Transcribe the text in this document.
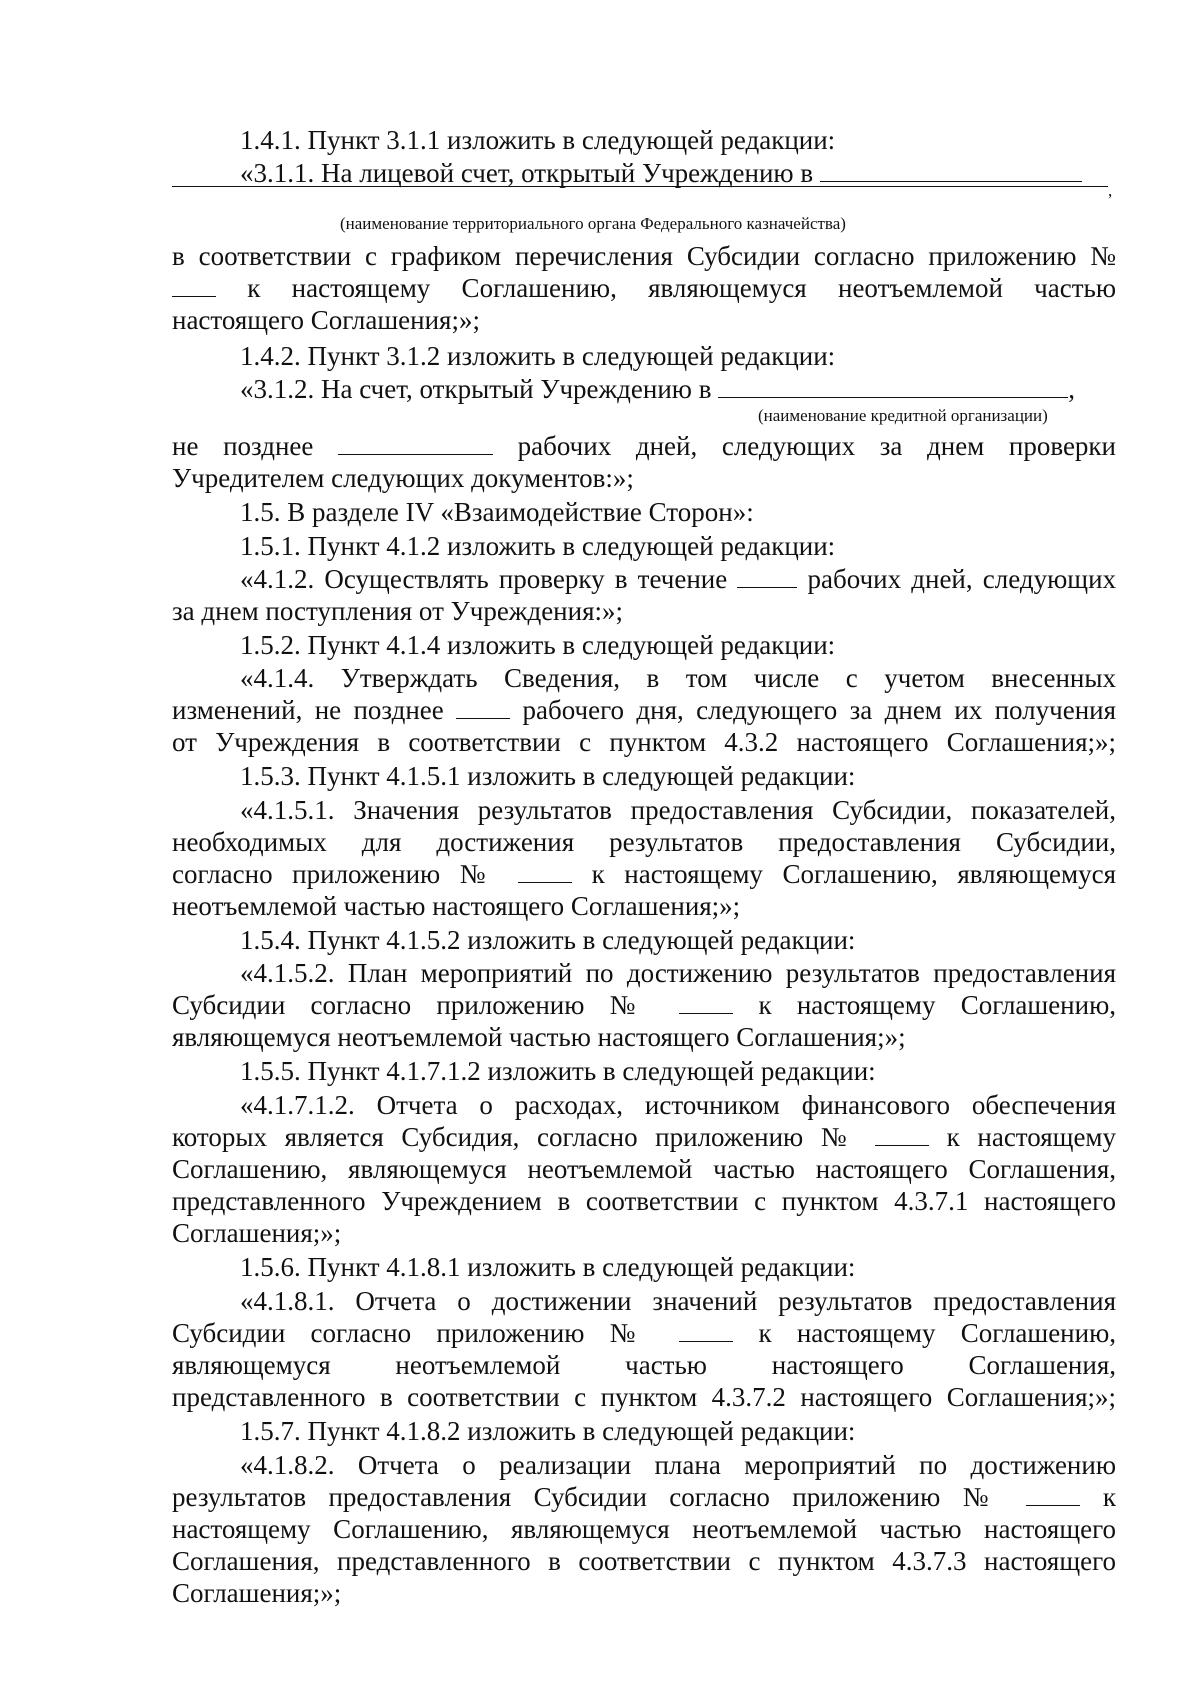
1.4.1. Пункт 3.1.1 изложить в следующей редакции:
«3.1.1. На лицевой счет, открытый Учреждению в
,
(наименование территориального органа Федерального казначейства)
в соответствии с графиком перечисления Субсидии согласно приложению №
к настоящему Соглашению, являющемуся неотъемлемой частью
настоящего Соглашения;»;
1.4.2. Пункт 3.1.2 изложить в следующей редакции:
«3.1.2. На счет, открытый Учреждению в	,
(наименование кредитной организации)
не позднее	рабочих дней, следующих за днем проверки
Учредителем следующих документов:»;
1.5. В разделе IV «Взаимодействие Сторон»:
1.5.1. Пункт 4.1.2 изложить в следующей редакции:
«4.1.2. Осуществлять проверку в течение	рабочих дней, следующих
за днем поступления от Учреждения:»;
1.5.2. Пункт 4.1.4 изложить в следующей редакции:
«4.1.4. Утверждать Сведения, в том числе с учетом внесенных
изменений, не позднее	рабочего дня, следующего за днем их получения
от Учреждения в соответствии с пунктом 4.3.2 настоящего Соглашения;»;
1.5.3. Пункт 4.1.5.1 изложить в следующей редакции:
«4.1.5.1. Значения результатов предоставления Субсидии, показателей,
необходимых для достижения результатов предоставления Субсидии,
согласно приложению №	к настоящему Соглашению, являющемуся
неотъемлемой частью настоящего Соглашения;»;
1.5.4. Пункт 4.1.5.2 изложить в следующей редакции:
«4.1.5.2. План мероприятий по достижению результатов предоставления
Субсидии согласно приложению №	к настоящему Соглашению,
являющемуся неотъемлемой частью настоящего Соглашения;»;
1.5.5. Пункт 4.1.7.1.2 изложить в следующей редакции:
«4.1.7.1.2. Отчета о расходах, источником финансового обеспечения
которых является Субсидия, согласно приложению №	к настоящему
Соглашению, являющемуся неотъемлемой частью настоящего Соглашения,
представленного Учреждением в соответствии с пунктом 4.3.7.1 настоящего
Соглашения;»;
1.5.6. Пункт 4.1.8.1 изложить в следующей редакции:
«4.1.8.1. Отчета о достижении значений результатов предоставления
Субсидии согласно приложению №	к настоящему Соглашению,
являющемуся неотъемлемой частью настоящего Соглашения,
представленного в соответствии с пунктом 4.3.7.2 настоящего Соглашения;»;
1.5.7. Пункт 4.1.8.2 изложить в следующей редакции:
«4.1.8.2. Отчета о реализации плана мероприятий по достижению
результатов предоставления Субсидии согласно приложению №	к
настоящему Соглашению, являющемуся неотъемлемой частью настоящего
Соглашения, представленного в соответствии с пунктом 4.3.7.3 настоящего
Соглашения;»;
